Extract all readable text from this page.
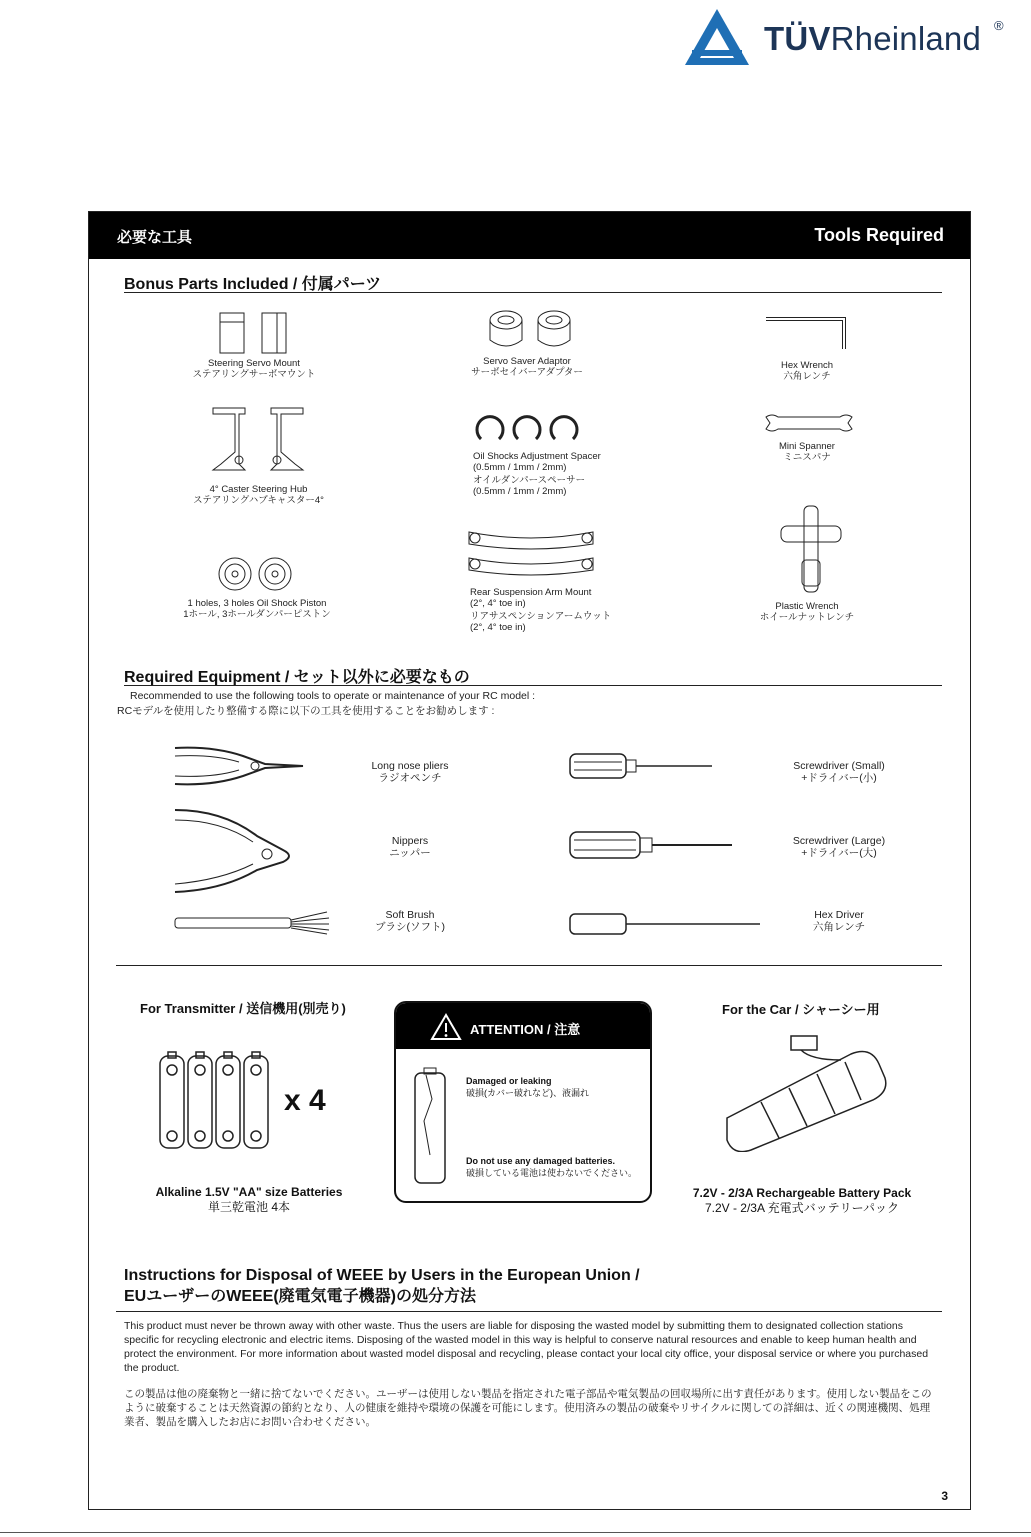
TÜVRheinland ®
必要な工具	Tools Required
Bonus Parts Included / 付属パーツ
Steering Servo Mount
ステアリングサーボマウント
Servo Saver Adaptor
サーボセイバーアダプター
Hex Wrench
六角レンチ
4° Caster Steering Hub
ステアリングハブキャスター4°
Oil Shocks Adjustment Spacer
(0.5mm / 1mm / 2mm)
オイルダンパースペーサー
(0.5mm / 1mm / 2mm)
Mini Spanner
ミニスパナ
1 holes, 3 holes Oil Shock Piston
1ホール, 3ホールダンパーピストン
Rear Suspension Arm Mount
(2°, 4° toe in)
リアサスペンションアームウット
(2°, 4° toe in)
Plastic Wrench
ホイールナットレンチ
Required Equipment / セット以外に必要なもの
Recommended to use the following tools to operate or maintenance of your RC model :
RCモデルを使用したり整備する際に以下の工具を使用することをお勧めします :
Long nose pliers
ラジオペンチ
Screwdriver (Small)
+ドライバー(小)
Nippers
ニッパー
Screwdriver (Large)
+ドライバー(大)
Soft Brush
ブラシ(ソフト)
Hex Driver
六角レンチ
For Transmitter / 送信機用(別売り)
x 4
Alkaline 1.5V "AA" size Batteries
単三乾電池 4本
ATTENTION / 注意
Damaged or leaking
破損(カバー破れなど)、液漏れ
Do not use any damaged batteries.
破損している電池は使わないでください。
For the Car / シャーシー用
7.2V - 2/3A Rechargeable Battery Pack
7.2V - 2/3A 充電式バッテリーパック
Instructions for Disposal of WEEE by Users in the European Union /
EUユーザーのWEEE(廃電気電子機器)の処分方法
This product must never be thrown away with other waste. Thus the users are liable for disposing the wasted model by submitting them to designated collection stations specific for recycling electronic and electric items. Disposing of the wasted model in this way is helpful to conserve natural resources and enable to keep human health and protect the environment. For more information about wasted model disposal and recycling, please contact your local city office, your disposal service or where you purchased the product.
この製品は他の廃棄物と一緒に捨てないでください。ユーザーは使用しない製品を指定された電子部品や電気製品の回収場所に出す責任があります。使用しない製品をこのように破棄することは天然資源の節約となり、人の健康を維持や環境の保護を可能にします。使用済みの製品の破棄やリサイクルに関しての詳細は、近くの関連機関、処理業者、製品を購入したお店にお問い合わせください。
3
